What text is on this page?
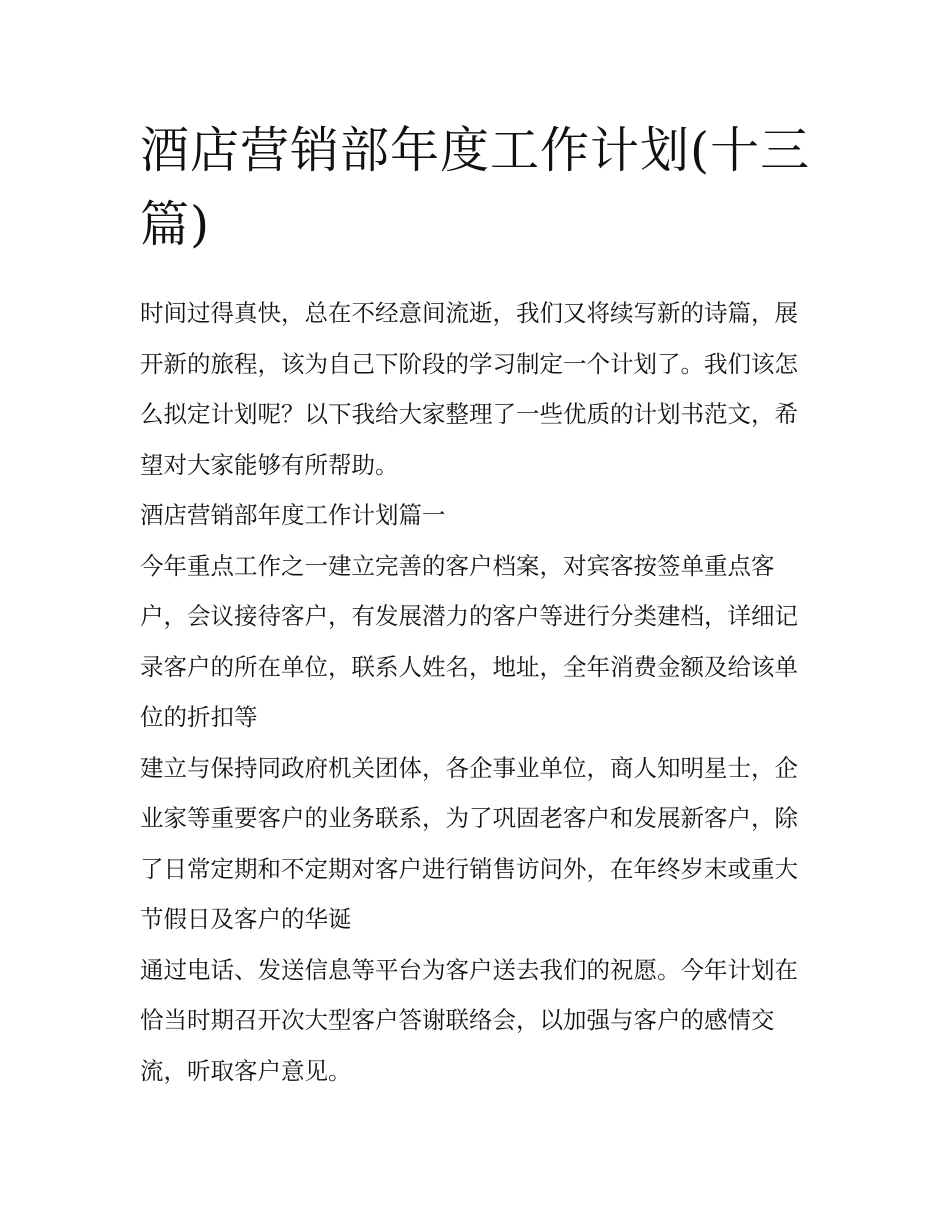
酒店营销部年度工作计划(十三篇)

时间过得真快，总在不经意间流逝，我们又将续写新的诗篇，展开新的旅程，该为自己下阶段的学习制定一个计划了。我们该怎么拟定计划呢？以下我给大家整理了一些优质的计划书范文，希望对大家能够有所帮助。

酒店营销部年度工作计划篇一

今年重点工作之一建立完善的客户档案，对宾客按签单重点客户，会议接待客户，有发展潜力的客户等进行分类建档，详细记录客户的所在单位，联系人姓名，地址，全年消费金额及给该单位的折扣等

建立与保持同政府机关团体，各企事业单位，商人知明星士，企业家等重要客户的业务联系，为了巩固老客户和发展新客户，除了日常定期和不定期对客户进行销售访问外，在年终岁末或重大节假日及客户的华诞

通过电话、发送信息等平台为客户送去我们的祝愿。今年计划在恰当时期召开次大型客户答谢联络会，以加强与客户的感情交流，听取客户意见。
